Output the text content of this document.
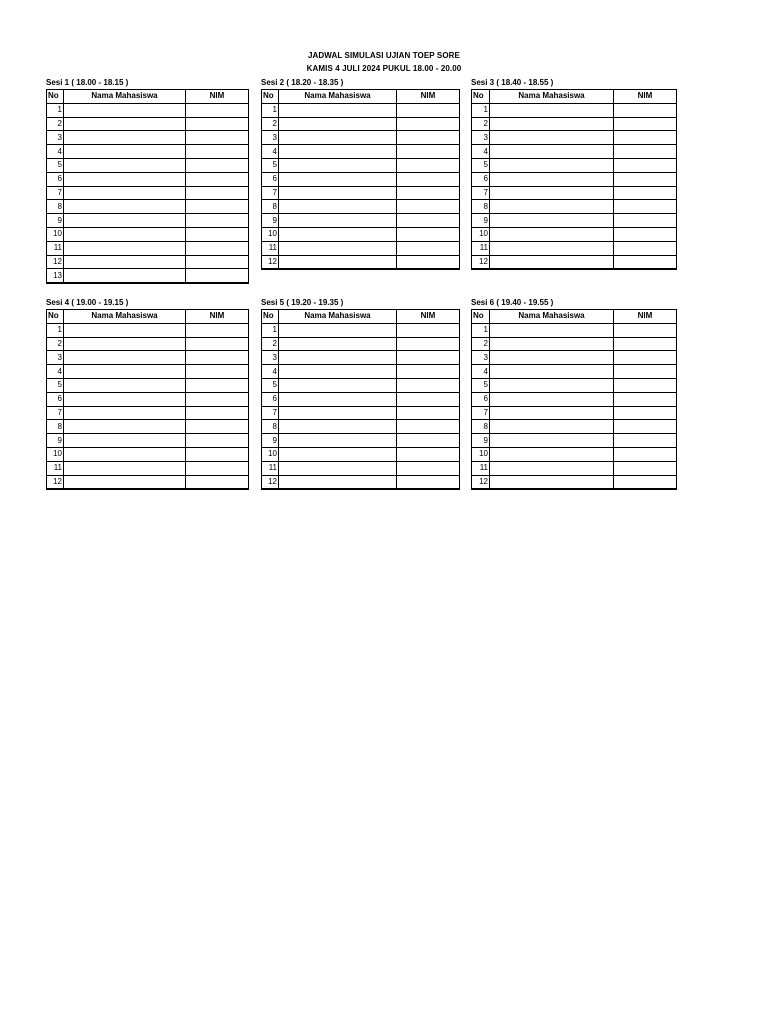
JADWAL SIMULASI UJIAN TOEP SORE
KAMIS 4 JULI 2024 PUKUL 18.00 - 20.00
Sesi 1 ( 18.00 - 18.15 )
No	Nama Mahasiswa	NIM
1		
2		
3		
4		
5		
6		
7		
8		
9		
10		
11		
12		
13		
Sesi 2 ( 18.20 - 18.35 )
No	Nama Mahasiswa	NIM
1		
2		
3		
4		
5		
6		
7		
8		
9		
10		
11		
12		
Sesi 3 ( 18.40 - 18.55 )
No	Nama Mahasiswa	NIM
1		
2		
3		
4		
5		
6		
7		
8		
9		
10		
11		
12		
Sesi 4 ( 19.00 - 19.15 )
No	Nama Mahasiswa	NIM
1		
2		
3		
4		
5		
6		
7		
8		
9		
10		
11		
12		
Sesi 5 ( 19.20 - 19.35 )
No	Nama Mahasiswa	NIM
1		
2		
3		
4		
5		
6		
7		
8		
9		
10		
11		
12		
Sesi 6 ( 19.40 - 19.55 )
No	Nama Mahasiswa	NIM
1		
2		
3		
4		
5		
6		
7		
8		
9		
10		
11		
12		
